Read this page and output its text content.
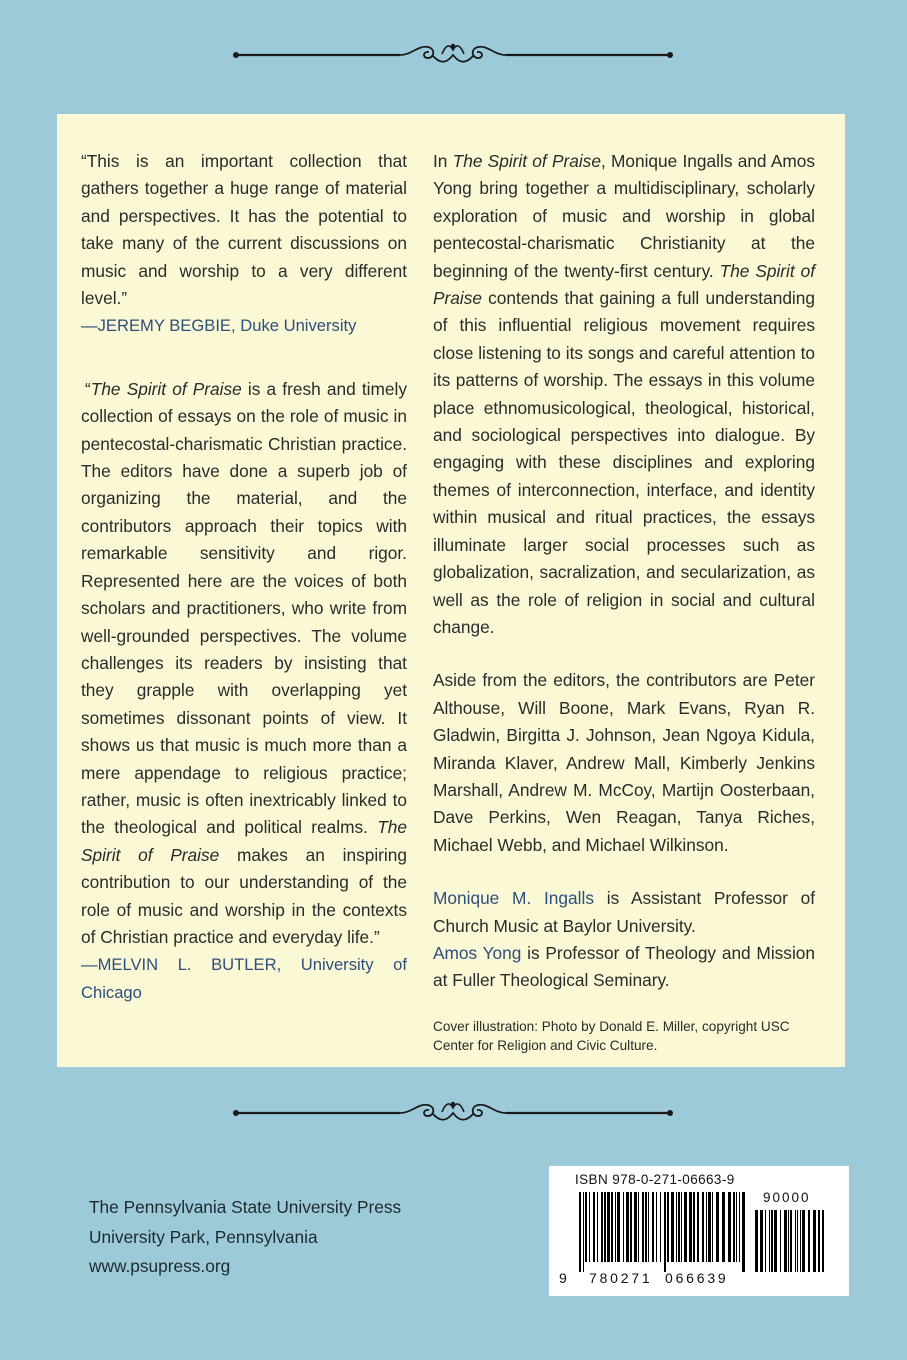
“This is an important collection that gathers together a huge range of material and perspectives. It has the potential to take many of the current discussions on music and worship to a very different level.”

—JEREMY BEGBIE, Duke University

“The Spirit of Praise is a fresh and timely collection of essays on the role of music in pentecostal-charismatic Christian practice. The editors have done a superb job of organizing the material, and the contributors approach their topics with remarkable sensitivity and rigor. Represented here are the voices of both scholars and practitioners, who write from well-grounded perspectives. The volume challenges its readers by insisting that they grapple with overlapping yet sometimes dissonant points of view. It shows us that music is much more than a mere appendage to religious practice; rather, music is often inextricably linked to the theological and political realms. The Spirit of Praise makes an inspiring contribution to our understanding of the role of music and worship in the contexts of Christian practice and everyday life.”

—MELVIN L. BUTLER, University of Chicago

In The Spirit of Praise, Monique Ingalls and Amos Yong bring together a multidisciplinary, scholarly exploration of music and worship in global pentecostal-charismatic Christianity at the beginning of the twenty-first century. The Spirit of Praise contends that gaining a full understanding of this influential religious movement requires close listening to its songs and careful attention to its patterns of worship. The essays in this volume place ethnomusicological, theological, historical, and sociological perspectives into dialogue. By engaging with these disciplines and exploring themes of interconnection, interface, and identity within musical and ritual practices, the essays illuminate larger social processes such as globalization, sacralization, and secularization, as well as the role of religion in social and cultural change.

Aside from the editors, the contributors are Peter Althouse, Will Boone, Mark Evans, Ryan R. Gladwin, Birgitta J. Johnson, Jean Ngoya Kidula, Miranda Klaver, Andrew Mall, Kimberly Jenkins Marshall, Andrew M. McCoy, Martijn Oosterbaan, Dave Perkins, Wen Reagan, Tanya Riches, Michael Webb, and Michael Wilkinson.

Monique M. Ingalls is Assistant Professor of Church Music at Baylor University.

Amos Yong is Professor of Theology and Mission at Fuller Theological Seminary.

Cover illustration: Photo by Donald E. Miller, copyright USC Center for Religion and Civic Culture.

The Pennsylvania State University Press
University Park, Pennsylvania
www.psupress.org
ISBN 978-0-271-06663-9
90000
9 780271 066639
